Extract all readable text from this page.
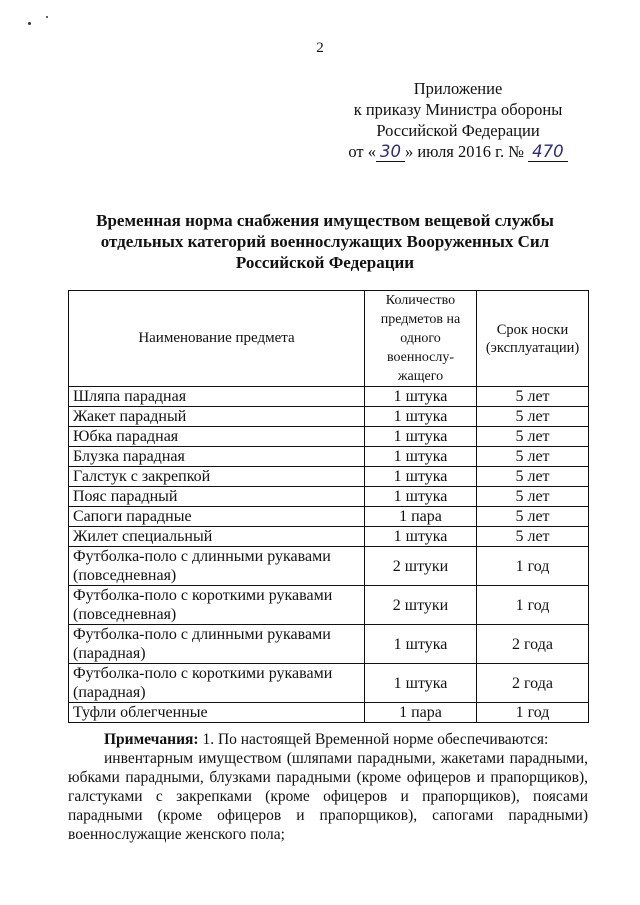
2
Приложение
к приказу Министра обороны
Российской Федерации
от « 30 » июля 2016 г. № 470
Временная норма снабжения имуществом вещевой службы
отдельных категорий военнослужащих Вооруженных Сил
Российской Федерации
Наименование предмета	Количество предметов на одного военнослу-жащего	Срок носки (эксплуатации)
Шляпа парадная	1 штука	5 лет
Жакет парадный	1 штука	5 лет
Юбка парадная	1 штука	5 лет
Блузка парадная	1 штука	5 лет
Галстук с закрепкой	1 штука	5 лет
Пояс парадный	1 штука	5 лет
Сапоги парадные	1 пара	5 лет
Жилет специальный	1 штука	5 лет
Футболка-поло с длинными рукавами (повседневная)	2 штуки	1 год
Футболка-поло с короткими рукавами (повседневная)	2 штуки	1 год
Футболка-поло с длинными рукавами (парадная)	1 штука	2 года
Футболка-поло с короткими рукавами (парадная)	1 штука	2 года
Туфли облегченные	1 пара	1 год

Примечания: 1. По настоящей Временной норме обеспечиваются:

инвентарным имуществом (шляпами парадными, жакетами парадными, юбками парадными, блузками парадными (кроме офицеров и прапорщиков), галстуками с закрепками (кроме офицеров и прапорщиков), поясами парадными (кроме офицеров и прапорщиков), сапогами парадными) военнослужащие женского пола;
